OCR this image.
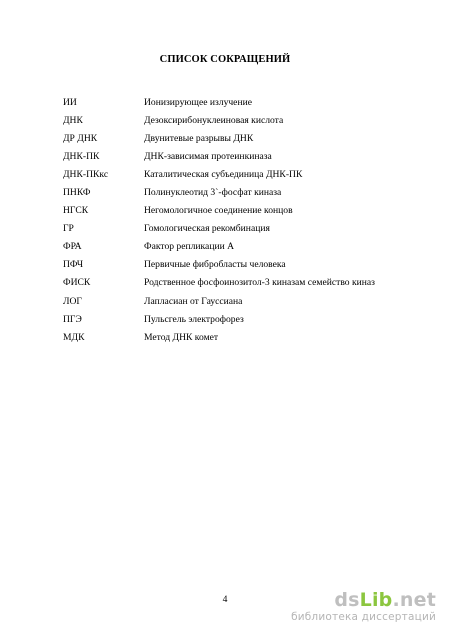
СПИСОК СОКРАЩЕНИЙ
ИИ	Ионизирующее излучение
ДНК	Дезоксирибонуклеиновая кислота
ДР ДНК	Двунитевые разрывы ДНК
ДНК-ПК	ДНК-зависимая протеинкиназа
ДНК-ПКкс	Каталитическая субъединица ДНК-ПК
ПНКФ	Полинуклеотид 3`-фосфат киназа
НГСК	Негомологичное соединение концов
ГР	Гомологическая рекомбинация
ФРА	Фактор репликации А
ПФЧ	Первичные фибробласты человека
ФИСК	Родственное фосфоинозитол-3 киназам семейство киназ
ЛОГ	Лапласиан от Гауссиана
ПГЭ	Пульсгель электрофорез
МДК	Метод ДНК комет
4	dsLib.net
библиотека диссертаций
